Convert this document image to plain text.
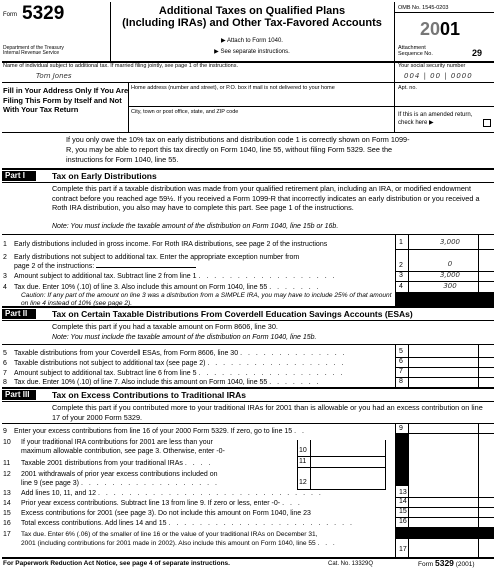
Form 5329
Department of the Treasury
Internal Revenue Service
Additional Taxes on Qualified Plans
(Including IRAs) and Other Tax-Favored Accounts
▶ Attach to Form 1040.
▶ See separate instructions.
OMB No. 1545-0203
2001
Attachment
Sequence No.	29
Name of individual subject to additional tax. If married filing jointly, see page 1 of the instructions.
Tom Jones
Your social security number
004 | 00 | 0000
Fill in Your Address Only If You Are Filing This Form by Itself and Not With Your Tax Return
Home address (number and street), or P.O. box if mail is not delivered to your home	Apt. no.
City, town or post office, state, and ZIP code	If this is an amended return, check here ▶
If you only owe the 10% tax on early distributions and distribution code 1 is correctly shown on Form 1099-R, you may be able to report this tax directly on Form 1040, line 55, without filing Form 5329. See the instructions for Form 1040, line 55.
Part I	Tax on Early Distributions
Complete this part if a taxable distribution was made from your qualified retirement plan, including an IRA, or modified endowment contract before you reached age 59½. If you received a Form 1099-R that incorrectly indicates an early distribution or you received a Roth IRA distribution, you also may have to complete this part. See page 1 of the instructions.
Note: You must include the taxable amount of the distribution on Form 1040, line 15b or 16b.
1 Early distributions included in gross income. For Roth IRA distributions, see page 2 of the instructions	1	3,000
2 Early distributions not subject to additional tax. Enter the appropriate exception number from
page 2 of the instructions:	2	0
3 Amount subject to additional tax. Subtract line 2 from line 1 . . . . . . . . . . . . . . . . . .	3	3,000
4 Tax due. Enter 10% (.10) of line 3. Also include this amount on Form 1040, line 55 . . . . . . .	4	300
Caution: If any part of the amount on line 3 was a distribution from a SIMPLE IRA, you may have to include 25% of that amount on line 4 instead of 10% (see page 2).
Part II	Tax on Certain Taxable Distributions From Coverdell Education Savings Accounts (ESAs)
Complete this part if you had a taxable amount on Form 8606, line 30.
Note: You must include the taxable amount of the distribution on Form 1040, line 15b.
5 Taxable distributions from your Coverdell ESAs, from Form 8606, line 30 . . . . . . . . . . . . . .	5
6 Taxable distributions not subject to additional tax (see page 2) . . . . . . . . . . . . . . . . . .	6
7 Amount subject to additional tax. Subtract line 6 from line 5 . . . . . . . . . . . . . . . . . . .	7
8 Tax due. Enter 10% (.10) of line 7. Also include this amount on Form 1040, line 55 . . . . . . .	8
Part III	Tax on Excess Contributions to Traditional IRAs
Complete this part if you contributed more to your traditional IRAs for 2001 than is allowable or you had an excess contribution on line 17 of your 2000 Form 5329.
9 Enter your excess contributions from line 16 of your 2000 Form 5329. If zero, go to line 15 . .	9
10 If your traditional IRA contributions for 2001 are less than your
maximum allowable contribution, see page 3. Otherwise, enter -0-	10
11 Taxable 2001 distributions from your traditional IRAs . . . .	11
12 2001 withdrawals of prior year excess contributions included on
line 9 (see page 3) . . . . . . . . . . . . . . . . . .	12
13 Add lines 10, 11, and 12 . . . . . . . . . . . . . . . . . . . . . . . . . . . . .	13
14 Prior year excess contributions. Subtract line 13 from line 9. If zero or less, enter -0- . . .	14
15 Excess contributions for 2001 (see page 3). Do not include this amount on Form 1040, line 23	15
16 Total excess contributions. Add lines 14 and 15 . . . . . . . . . . . . . . . . . . . . . . . .	16
17 Tax due. Enter 6% (.06) of the smaller of line 16 or the value of your traditional IRAs on December 31,
2001 (including contributions for 2001 made in 2002). Also include this amount on Form 1040, line 55 . . .
17
For Paperwork Reduction Act Notice, see page 4 of separate instructions.	Cat. No. 13329Q	Form 5329 (2001)
